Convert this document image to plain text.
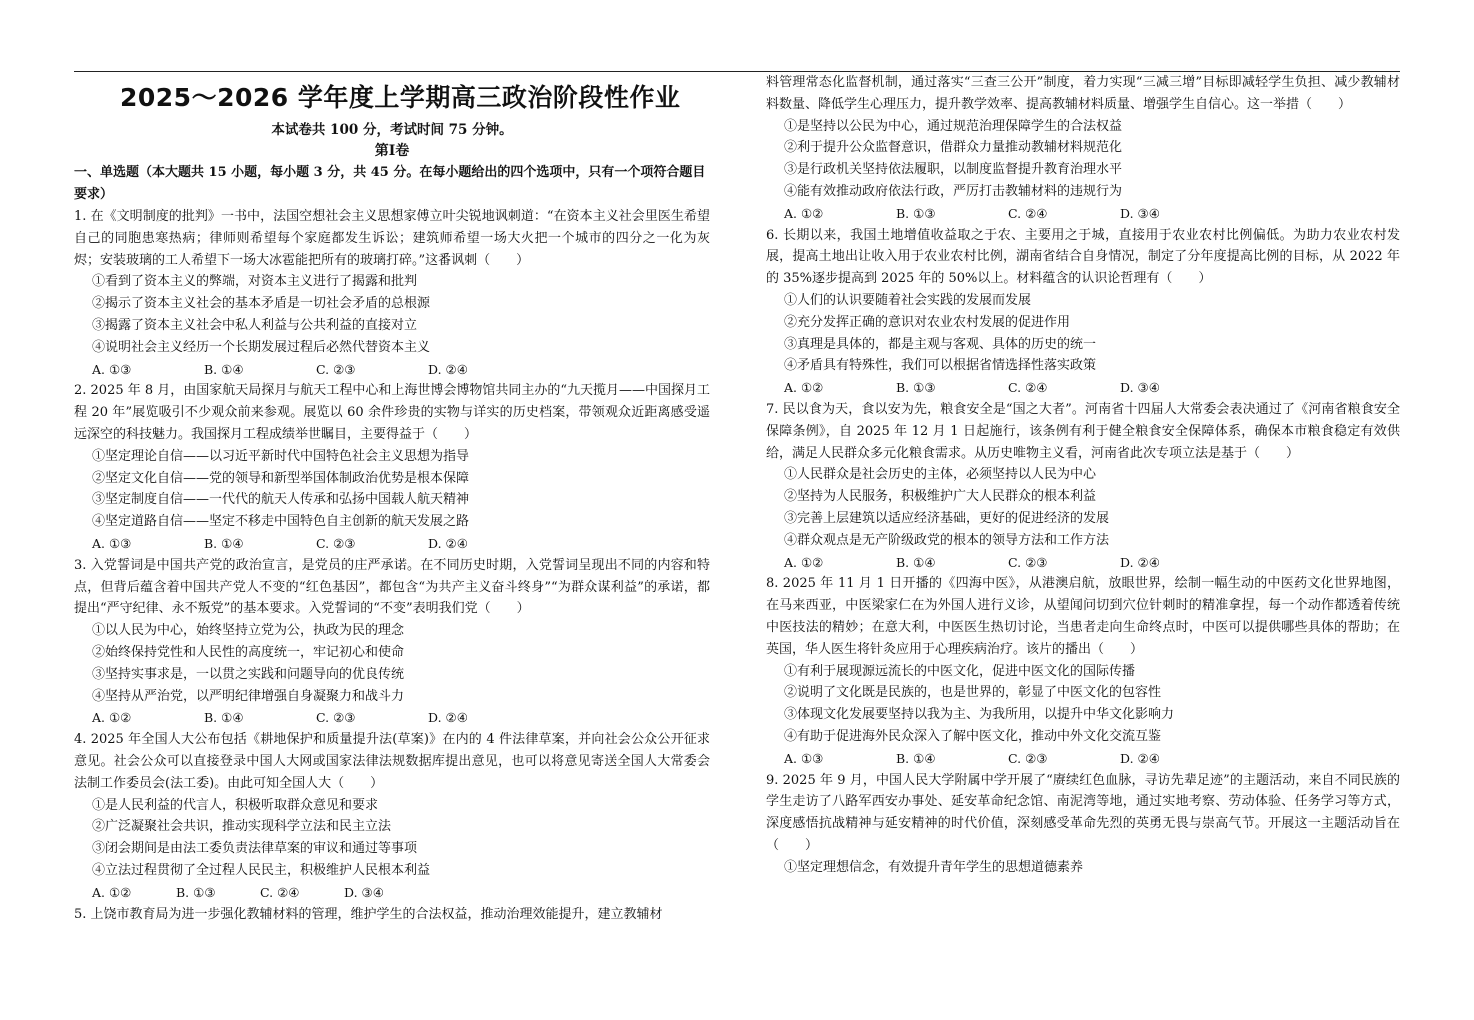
2025～2026 学年度上学期高三政治阶段性作业
本试卷共 100 分，考试时间 75 分钟。
第Ⅰ卷
一、单选题（本大题共 15 小题，每小题 3 分，共 45 分。在每小题给出的四个选项中，只有一个项符合题目要求）
1. 在《文明制度的批判》一书中，法国空想社会主义思想家傅立叶尖锐地讽刺道：“在资本主义社会里医生希望自己的同胞患寒热病；律师则希望每个家庭都发生诉讼；建筑师希望一场大火把一个城市的四分之一化为灰烬；安装玻璃的工人希望下一场大冰雹能把所有的玻璃打碎。”这番讽刺（　　）
①看到了资本主义的弊端，对资本主义进行了揭露和批判
②揭示了资本主义社会的基本矛盾是一切社会矛盾的总根源
③揭露了资本主义社会中私人利益与公共利益的直接对立
④说明社会主义经历一个长期发展过程后必然代替资本主义
A. ①③	B. ①④	C. ②③	D. ②④
2. 2025 年 8 月，由国家航天局探月与航天工程中心和上海世博会博物馆共同主办的“九天揽月——中国探月工程 20 年”展览吸引不少观众前来参观。展览以 60 余件珍贵的实物与详实的历史档案，带领观众近距离感受遥远深空的科技魅力。我国探月工程成绩举世瞩目，主要得益于（　　）
①坚定理论自信——以习近平新时代中国特色社会主义思想为指导
②坚定文化自信——党的领导和新型举国体制政治优势是根本保障
③坚定制度自信——一代代的航天人传承和弘扬中国载人航天精神
④坚定道路自信——坚定不移走中国特色自主创新的航天发展之路
A. ①③	B. ①④	C. ②③	D. ②④
3. 入党誓词是中国共产党的政治宣言，是党员的庄严承诺。在不同历史时期，入党誓词呈现出不同的内容和特点，但背后蕴含着中国共产党人不变的“红色基因”，都包含“为共产主义奋斗终身”“为群众谋利益”的承诺，都提出“严守纪律、永不叛党”的基本要求。入党誓词的“不变”表明我们党（　　）
①以人民为中心，始终坚持立党为公，执政为民的理念
②始终保持党性和人民性的高度统一，牢记初心和使命
③坚持实事求是，一以贯之实践和问题导向的优良传统
④坚持从严治党，以严明纪律增强自身凝聚力和战斗力
A. ①②	B. ①④	C. ②③	D. ②④
4. 2025 年全国人大公布包括《耕地保护和质量提升法(草案)》在内的 4 件法律草案，并向社会公众公开征求意见。社会公众可以直接登录中国人大网或国家法律法规数据库提出意见，也可以将意见寄送全国人大常委会法制工作委员会(法工委)。由此可知全国人大（　　）
①是人民利益的代言人，积极听取群众意见和要求
②广泛凝聚社会共识，推动实现科学立法和民主立法
③闭会期间是由法工委负责法律草案的审议和通过等事项
④立法过程贯彻了全过程人民民主，积极维护人民根本利益
A. ①②	B. ①③	C. ②④	D. ③④
5. 上饶市教育局为进一步强化教辅材料的管理，维护学生的合法权益，推动治理效能提升，建立教辅材
料管理常态化监督机制，通过落实“三查三公开”制度，着力实现“三减三增”目标即减轻学生负担、减少教辅材料数量、降低学生心理压力，提升教学效率、提高教辅材料质量、增强学生自信心。这一举措（　　）
①是坚持以公民为中心，通过规范治理保障学生的合法权益
②利于提升公众监督意识，借群众力量推动教辅材料规范化
③是行政机关坚持依法履职，以制度监督提升教育治理水平
④能有效推动政府依法行政，严厉打击教辅材料的违规行为
A. ①②	B. ①③	C. ②④	D. ③④
6. 长期以来，我国土地增值收益取之于农、主要用之于城，直接用于农业农村比例偏低。为助力农业农村发展，提高土地出让收入用于农业农村比例，湖南省结合自身情况，制定了分年度提高比例的目标，从 2022 年的 35%逐步提高到 2025 年的 50%以上。材料蕴含的认识论哲理有（　　）
①人们的认识要随着社会实践的发展而发展
②充分发挥正确的意识对农业农村发展的促进作用
③真理是具体的，都是主观与客观、具体的历史的统一
④矛盾具有特殊性，我们可以根据省情选择性落实政策
A. ①②	B. ①③	C. ②④	D. ③④
7. 民以食为天，食以安为先，粮食安全是“国之大者”。河南省十四届人大常委会表决通过了《河南省粮食安全保障条例》，自 2025 年 12 月 1 日起施行，该条例有利于健全粮食安全保障体系，确保本市粮食稳定有效供给，满足人民群众多元化粮食需求。从历史唯物主义看，河南省此次专项立法是基于（　　）
①人民群众是社会历史的主体，必须坚持以人民为中心
②坚持为人民服务，积极维护广大人民群众的根本利益
③完善上层建筑以适应经济基础，更好的促进经济的发展
④群众观点是无产阶级政党的根本的领导方法和工作方法
A. ①②	B. ①④	C. ②③	D. ②④
8. 2025 年 11 月 1 日开播的《四海中医》，从港澳启航，放眼世界，绘制一幅生动的中医药文化世界地图，在马来西亚，中医梁家仁在为外国人进行义诊，从望闻问切到穴位针刺时的精准拿捏，每一个动作都透着传统中医技法的精妙；在意大利，中医医生热切讨论，当患者走向生命终点时，中医可以提供哪些具体的帮助；在英国，华人医生将针灸应用于心理疾病治疗。该片的播出（　　）
①有利于展现源远流长的中医文化，促进中医文化的国际传播
②说明了文化既是民族的，也是世界的，彰显了中医文化的包容性
③体现文化发展要坚持以我为主、为我所用，以提升中华文化影响力
④有助于促进海外民众深入了解中医文化，推动中外文化交流互鉴
A. ①③	B. ①④	C. ②③	D. ②④
9. 2025 年 9 月，中国人民大学附属中学开展了“赓续红色血脉，寻访先辈足迹”的主题活动，来自不同民族的学生走访了八路军西安办事处、延安革命纪念馆、南泥湾等地，通过实地考察、劳动体验、任务学习等方式，深度感悟抗战精神与延安精神的时代价值，深刻感受革命先烈的英勇无畏与崇高气节。开展这一主题活动旨在（　　）
①坚定理想信念，有效提升青年学生的思想道德素养
